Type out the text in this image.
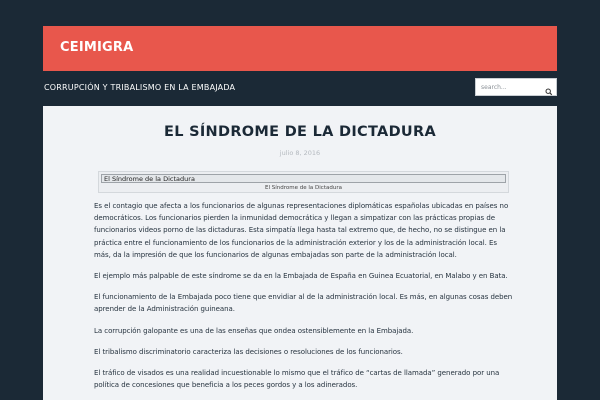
CEIMIGRA
CORRUPCIÓN Y TRIBALISMO EN LA EMBAJADA
search...
EL SÍNDROME DE LA DICTADURA
julio 8, 2016
El Síndrome de la Dictadura
El Síndrome de la Dictadura

Es el contagio que afecta a los funcionarios de algunas representaciones diplomáticas españolas ubicadas en países no democráticos. Los funcionarios pierden la inmunidad democrática y llegan a simpatizar con las prácticas propias de funcionarios videos porno de las dictaduras. Esta simpatía llega hasta tal extremo que, de hecho, no se distingue en la práctica entre el funcionamiento de los funcionarios de la administración exterior y los de la administración local. Es más, da la impresión de que los funcionarios de algunas embajadas son parte de la administración local.

El ejemplo más palpable de este síndrome se da en la Embajada de España en Guinea Ecuatorial, en Malabo y en Bata.

El funcionamiento de la Embajada poco tiene que envidiar al de la administración local. Es más, en algunas cosas deben aprender de la Administración guineana.

La corrupción galopante es una de las enseñas que ondea ostensiblemente en la Embajada.

El tribalismo discriminatorio caracteriza las decisiones o resoluciones de los funcionarios.

El tráfico de visados es una realidad incuestionable lo mismo que el tráfico de “cartas de llamada” generado por una política de concesiones que beneficia a los peces gordos y a los adinerados.
